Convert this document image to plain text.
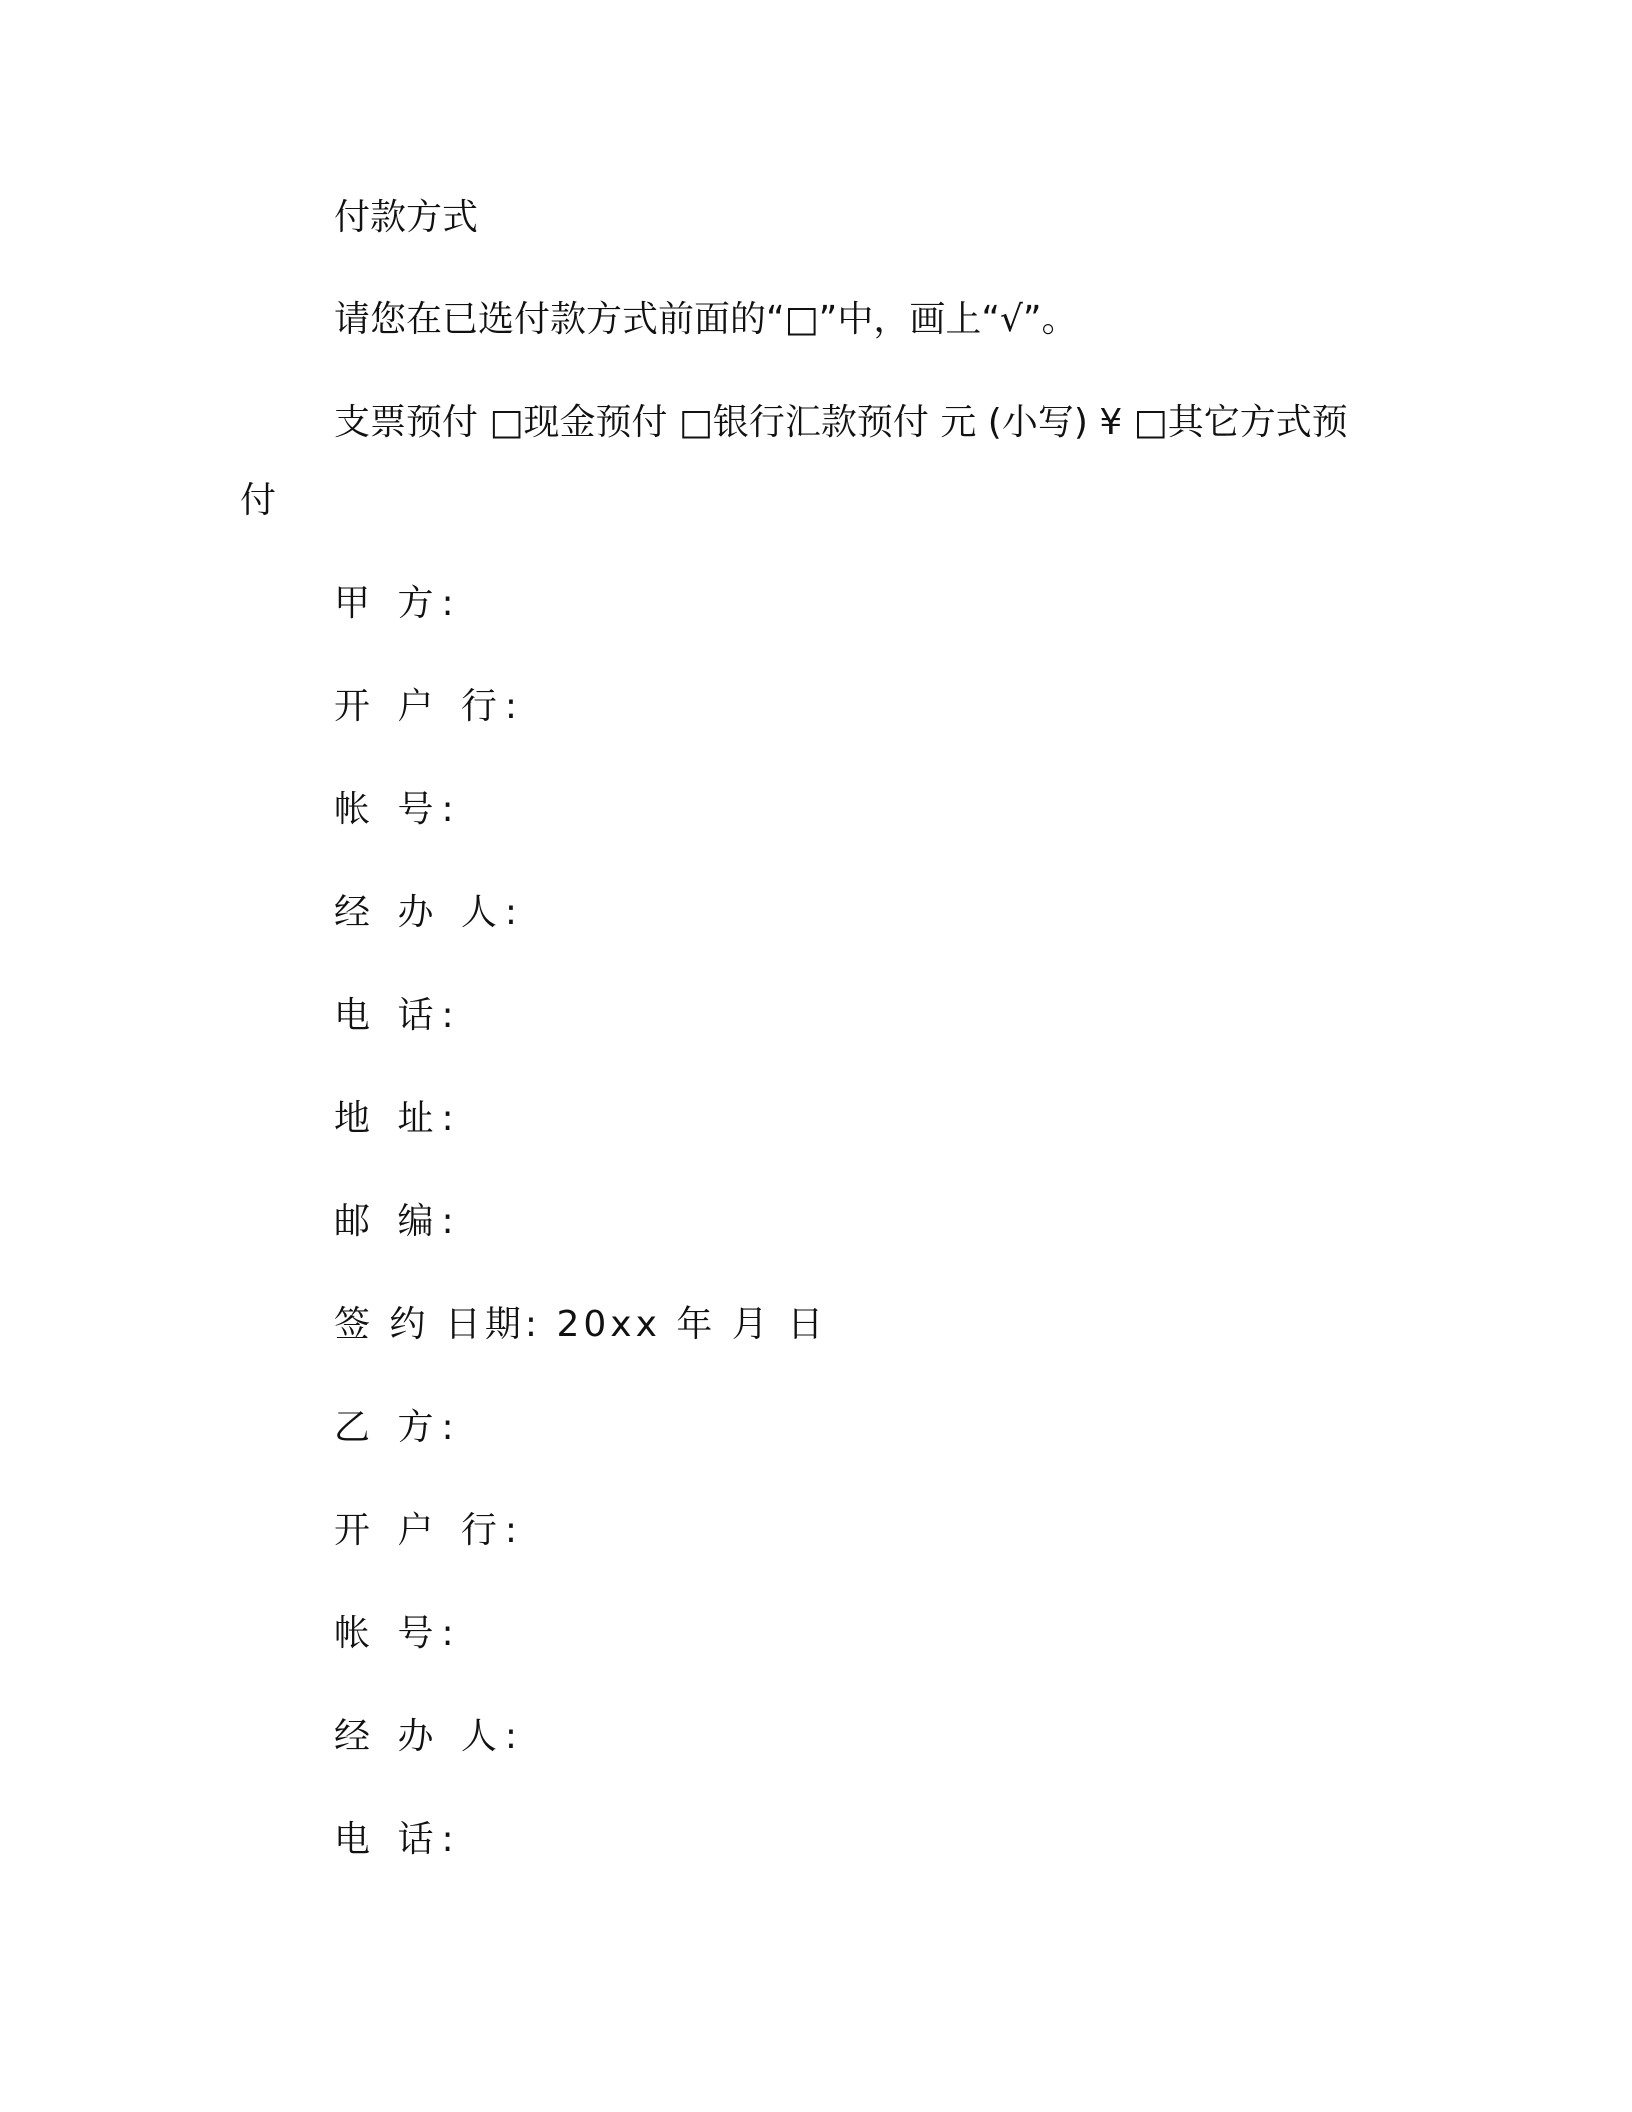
付款方式
请您在已选付款方式前面的“□”中，画上“√”。
支票预付 □现金预付 □银行汇款预付 元 (小写) ¥ □其它方式预
付
甲 方:
开 户 行:
帐 号:
经 办 人:
电 话:
地 址:
邮 编:
签 约 日期: 20xx 年 月 日
乙 方:
开 户 行:
帐 号:
经 办 人:
电 话:
